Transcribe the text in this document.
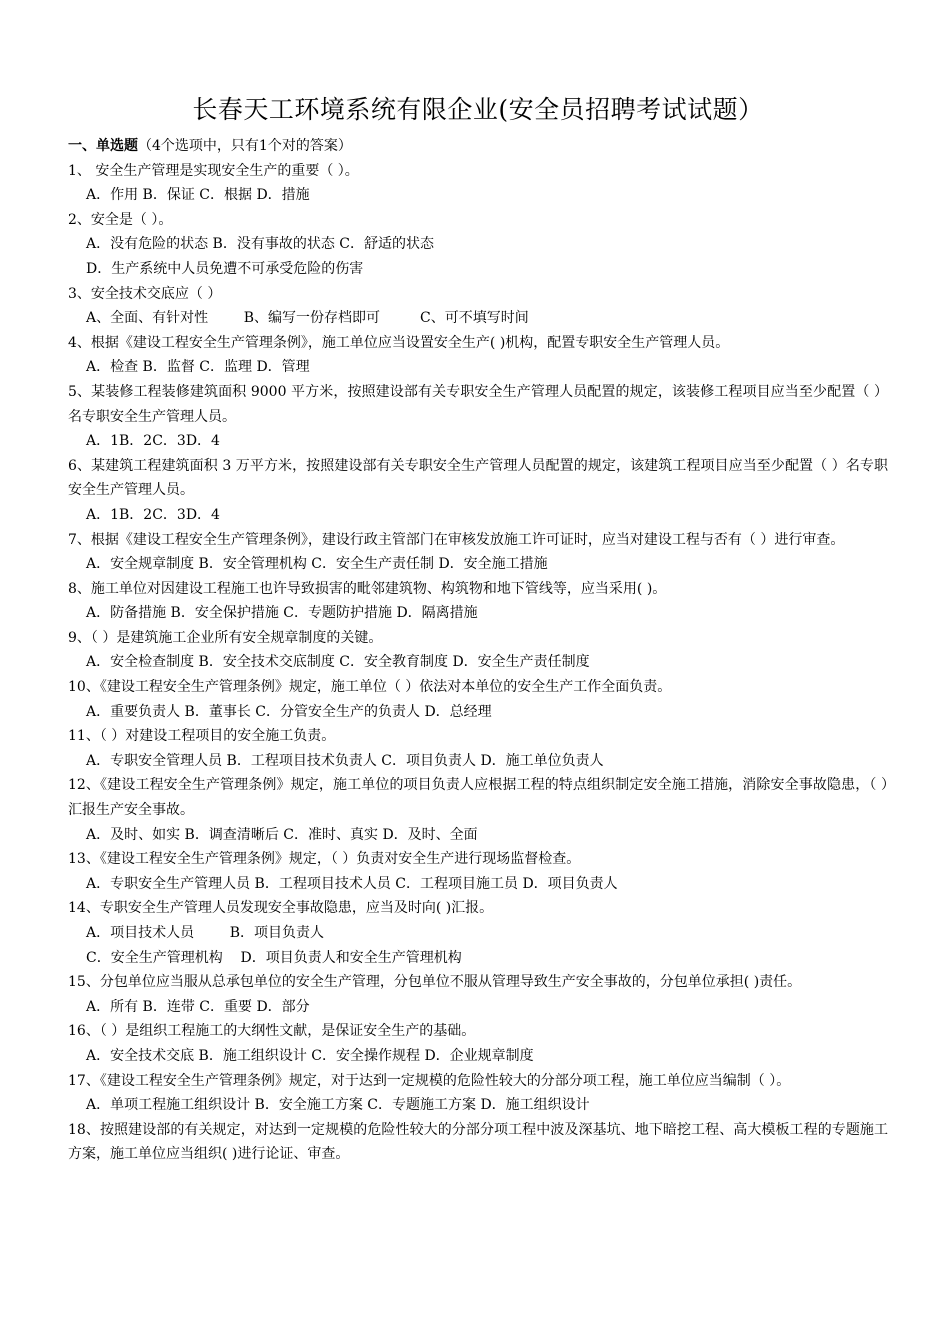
长春天工环境系统有限企业(安全员招聘考试试题）
一、单选题（4个选项中，只有1个对的答案）
1、 安全生产管理是实现安全生产的重要（ ）。
A．作用 B．保证 C．根据 D．措施
2、安全是（ ）。
A．没有危险的状态 B．没有事故的状态 C．舒适的状态
D．生产系统中人员免遭不可承受危险的伤害
3、安全技术交底应（ ）
A、全面、有针对性        B、编写一份存档即可         C、可不填写时间
4、根据《建设工程安全生产管理条例》，施工单位应当设置安全生产( )机构，配置专职安全生产管理人员。
A．检查 B．监督 C．监理 D．管理
5、某装修工程装修建筑面积 9000 平方米，按照建设部有关专职安全生产管理人员配置的规定，该装修工程项目应当至少配置（ ）名专职安全生产管理人员。
A．1B．2C．3D．4
6、某建筑工程建筑面积 3 万平方米，按照建设部有关专职安全生产管理人员配置的规定，该建筑工程项目应当至少配置（ ）名专职安全生产管理人员。
A．1B．2C．3D．4
7、根据《建设工程安全生产管理条例》，建设行政主管部门在审核发放施工许可证时，应当对建设工程与否有（ ）进行审查。
A．安全规章制度 B．安全管理机构 C．安全生产责任制 D．安全施工措施
8、施工单位对因建设工程施工也许导致损害的毗邻建筑物、构筑物和地下管线等，应当采用( )。
A．防备措施 B．安全保护措施 C．专题防护措施 D．隔离措施
9、（ ）是建筑施工企业所有安全规章制度的关键。
A．安全检查制度 B．安全技术交底制度 C．安全教育制度 D．安全生产责任制度
10、《建设工程安全生产管理条例》规定，施工单位（ ）依法对本单位的安全生产工作全面负责。
A．重要负责人 B．董事长 C．分管安全生产的负责人 D．总经理
11、（ ）对建设工程项目的安全施工负责。
A．专职安全管理人员 B．工程项目技术负责人 C．项目负责人 D．施工单位负责人
12、《建设工程安全生产管理条例》规定，施工单位的项目负责人应根据工程的特点组织制定安全施工措施，消除安全事故隐患，（ ）汇报生产安全事故。
A．及时、如实 B．调查清晰后 C．准时、真实 D．及时、全面
13、《建设工程安全生产管理条例》规定，（ ）负责对安全生产进行现场监督检查。
A．专职安全生产管理人员 B．工程项目技术人员 C．工程项目施工员 D．项目负责人
14、专职安全生产管理人员发现安全事故隐患，应当及时向( )汇报。
A．项目技术人员        B．项目负责人
C．安全生产管理机构    D．项目负责人和安全生产管理机构
15、分包单位应当服从总承包单位的安全生产管理，分包单位不服从管理导致生产安全事故的，分包单位承担( )责任。
A．所有 B．连带 C．重要 D．部分
16、（ ）是组织工程施工的大纲性文献，是保证安全生产的基础。
A．安全技术交底 B．施工组织设计 C．安全操作规程 D．企业规章制度
17、《建设工程安全生产管理条例》规定，对于达到一定规模的危险性较大的分部分项工程，施工单位应当编制（ ）。
A．单项工程施工组织设计 B．安全施工方案 C．专题施工方案 D．施工组织设计
18、按照建设部的有关规定，对达到一定规模的危险性较大的分部分项工程中波及深基坑、地下暗挖工程、高大模板工程的专题施工方案，施工单位应当组织( )进行论证、审查。
